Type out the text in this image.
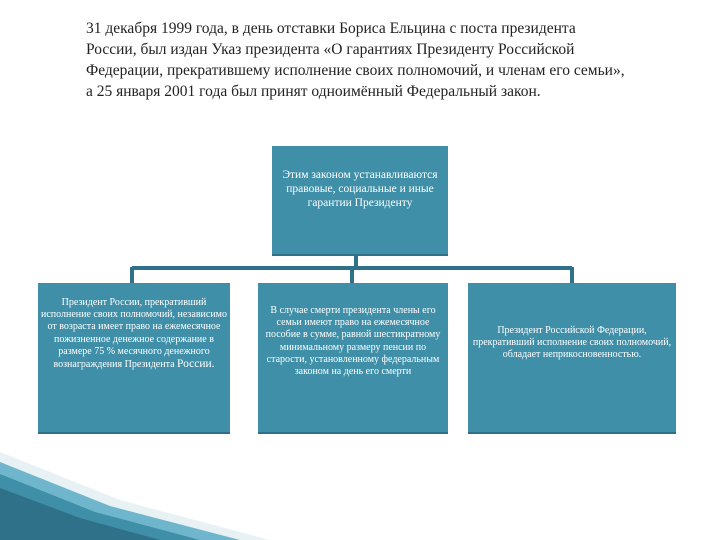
31 декабря 1999 года, в день отставки Бориса Ельцина с поста президента России, был издан Указ президента «О гарантиях Президенту Российской Федерации, прекратившему исполнение своих полномочий, и членам его семьи», а 25 января 2001 года был принят одноимённый Федеральный закон.

Этим законом устанавливаются правовые, социальные и иные гарантии Президенту
Президент России, прекративший исполнение своих полномочий, независимо от возраста имеет право на ежемесячное пожизненное денежное содержание в размере 75 % месячного денежного вознаграждения Президента России.
В случае смерти президента члены его семьи имеют право на ежемесячное пособие в сумме, равной шестикратному минимальному размеру пенсии по старости, установленному федеральным законом на день его смерти
Президент Российской Федерации, прекративший исполнение своих полномочий, обладает неприкосновенностью.
